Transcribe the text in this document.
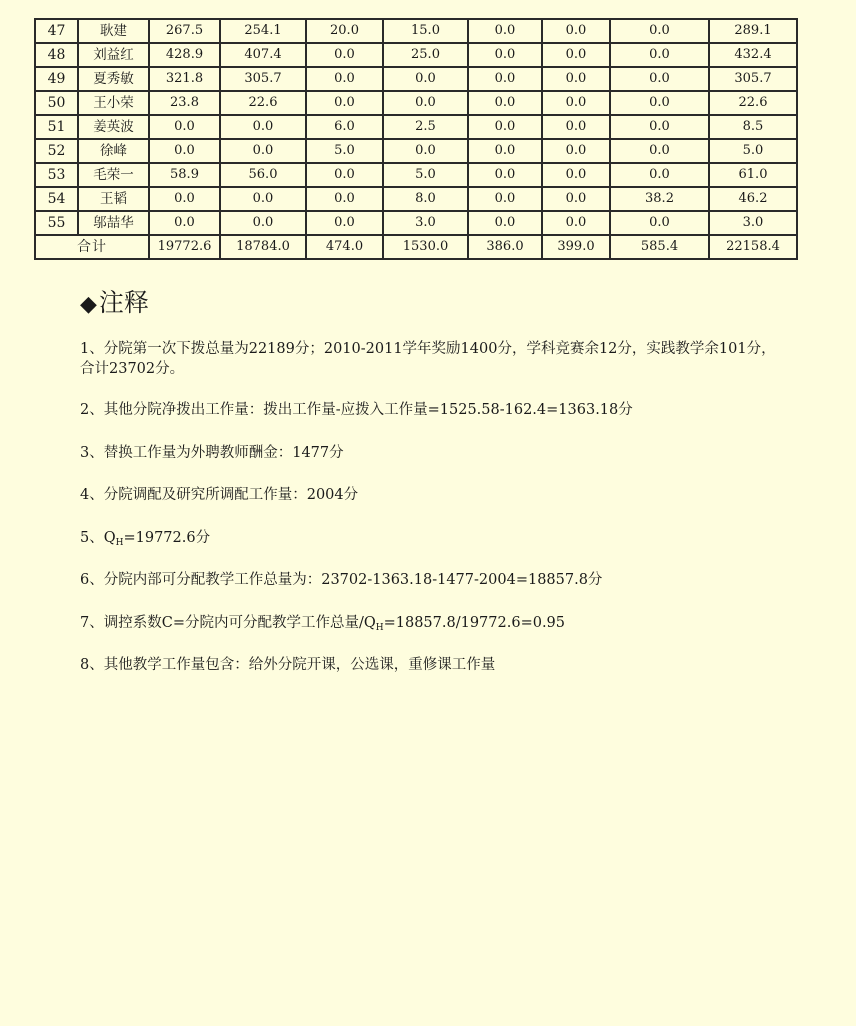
47	耿建	267.5	254.1	20.0	15.0	0.0	0.0	0.0	289.1
48	刘益红	428.9	407.4	0.0	25.0	0.0	0.0	0.0	432.4
49	夏秀敏	321.8	305.7	0.0	0.0	0.0	0.0	0.0	305.7
50	王小荣	23.8	22.6	0.0	0.0	0.0	0.0	0.0	22.6
51	姜英波	0.0	0.0	6.0	2.5	0.0	0.0	0.0	8.5
52	徐峰	0.0	0.0	5.0	0.0	0.0	0.0	0.0	5.0
53	毛荣一	58.9	56.0	0.0	5.0	0.0	0.0	0.0	61.0
54	王韬	0.0	0.0	0.0	8.0	0.0	0.0	38.2	46.2
55	邬喆华	0.0	0.0	0.0	3.0	0.0	0.0	0.0	3.0
合计		19772.6	18784.0	474.0	1530.0	386.0	399.0	585.4	22158.4
◆注释

1、分院第一次下拨总量为22189分；2010-2011学年奖励1400分，学科竞赛余12分，实践教学余101分，合计23702分。

2、其他分院净拨出工作量：拨出工作量-应拨入工作量=1525.58-162.4=1363.18分

3、替换工作量为外聘教师酬金：1477分

4、分院调配及研究所调配工作量：2004分

5、$Q_H=19772.6$分

6、分院内部可分配教学工作总量为：23702-1363.18-1477-2004=18857.8分

7、调控系数C=分院内可分配教学工作总量$/Q_H=18857.8/19772.6=0.95$

8、其他教学工作量包含：给外分院开课，公选课，重修课工作量
